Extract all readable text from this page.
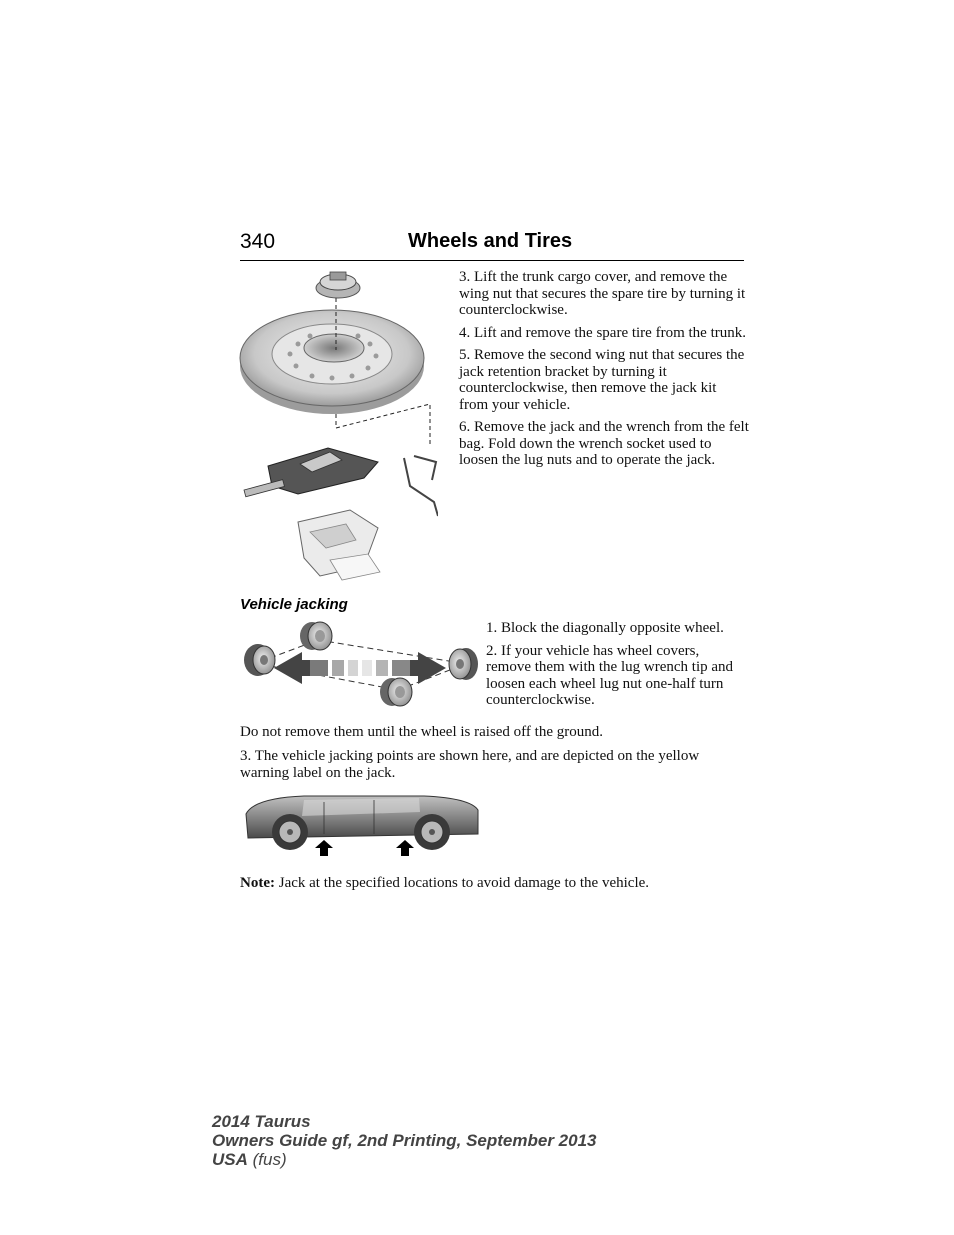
340	Wheels and Tires

3. Lift the trunk cargo cover, and remove the wing nut that secures the spare tire by turning it counterclockwise.

4. Lift and remove the spare tire from the trunk.

5. Remove the second wing nut that secures the jack retention bracket by turning it counterclockwise, then remove the jack kit from your vehicle.

6. Remove the jack and the wrench from the felt bag. Fold down the wrench socket used to loosen the lug nuts and to operate the jack.

Vehicle jacking

1. Block the diagonally opposite wheel.

2. If your vehicle has wheel covers, remove them with the lug wrench tip and loosen each wheel lug nut one-half turn counterclockwise.

Do not remove them until the wheel is raised off the ground.

3. The vehicle jacking points are shown here, and are depicted on the yellow warning label on the jack.

Note: Jack at the specified locations to avoid damage to the vehicle.

2014 Taurus
Owners Guide gf, 2nd Printing, September 2013
USA (fus)
